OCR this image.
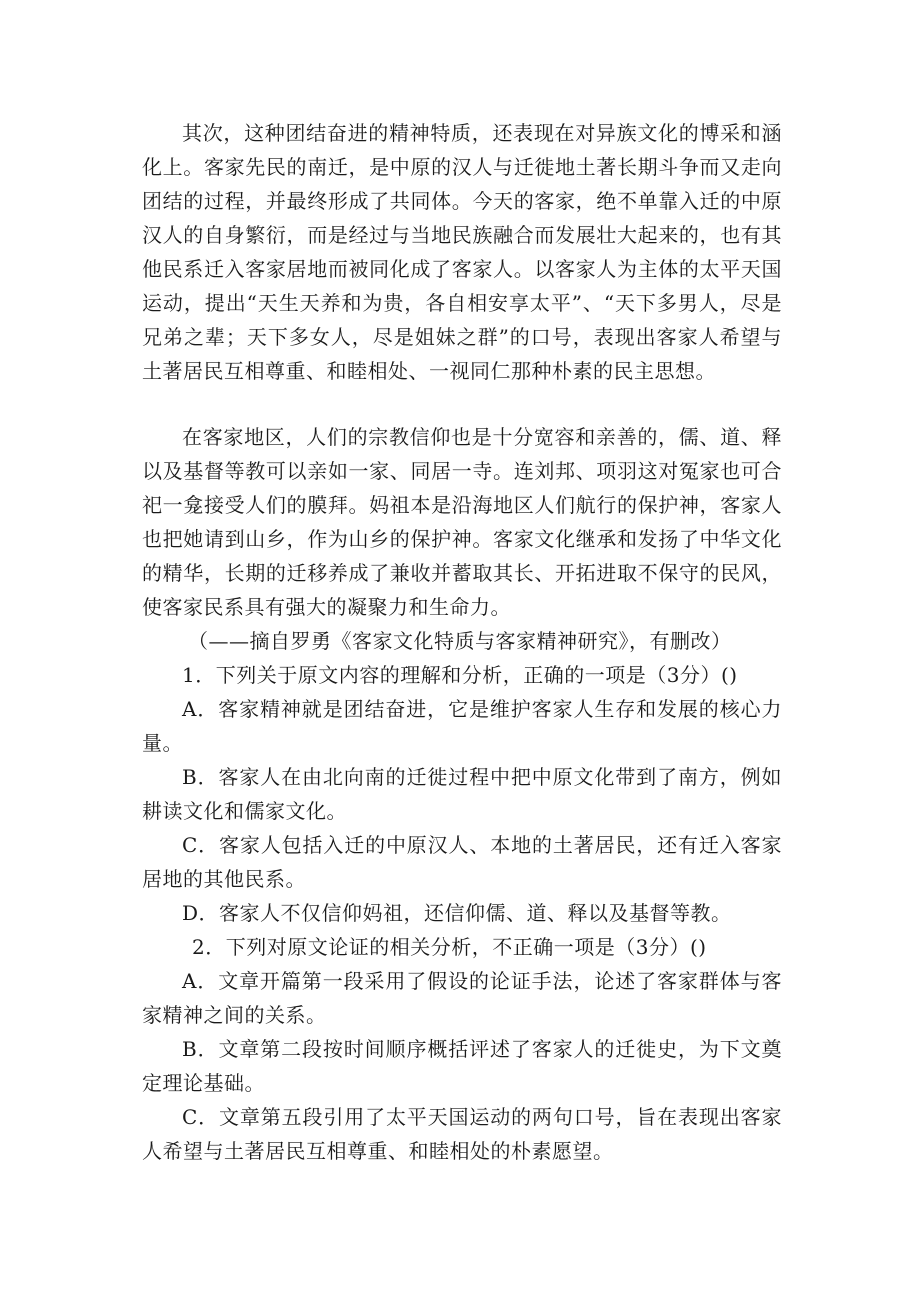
其次，这种团结奋进的精神特质，还表现在对异族文化的博采和涵化上。客家先民的南迁，是中原的汉人与迁徙地土著长期斗争而又走向团结的过程，并最终形成了共同体。今天的客家，绝不单靠入迁的中原汉人的自身繁衍，而是经过与当地民族融合而发展壮大起来的，也有其他民系迁入客家居地而被同化成了客家人。以客家人为主体的太平天国运动，提出“天生天养和为贵，各自相安享太平”、“天下多男人，尽是兄弟之辈；天下多女人，尽是姐妹之群”的口号，表现出客家人希望与土著居民互相尊重、和睦相处、一视同仁那种朴素的民主思想。

在客家地区，人们的宗教信仰也是十分宽容和亲善的，儒、道、释以及基督等教可以亲如一家、同居一寺。连刘邦、项羽这对冤家也可合祀一龛接受人们的膜拜。妈祖本是沿海地区人们航行的保护神，客家人也把她请到山乡，作为山乡的保护神。客家文化继承和发扬了中华文化的精华，长期的迁移养成了兼收并蓄取其长、开拓进取不保守的民风，使客家民系具有强大的凝聚力和生命力。

（——摘自罗勇《客家文化特质与客家精神研究》，有删改）

1．下列关于原文内容的理解和分析，正确的一项是（3分）()

A．客家精神就是团结奋进，它是维护客家人生存和发展的核心力量。

B．客家人在由北向南的迁徙过程中把中原文化带到了南方，例如耕读文化和儒家文化。

C．客家人包括入迁的中原汉人、本地的土著居民，还有迁入客家居地的其他民系。

D．客家人不仅信仰妈祖，还信仰儒、道、释以及基督等教。

2．下列对原文论证的相关分析，不正确一项是（3分）()

A．文章开篇第一段采用了假设的论证手法，论述了客家群体与客家精神之间的关系。

B．文章第二段按时间顺序概括评述了客家人的迁徙史，为下文奠定理论基础。

C．文章第五段引用了太平天国运动的两句口号，旨在表现出客家人希望与土著居民互相尊重、和睦相处的朴素愿望。
